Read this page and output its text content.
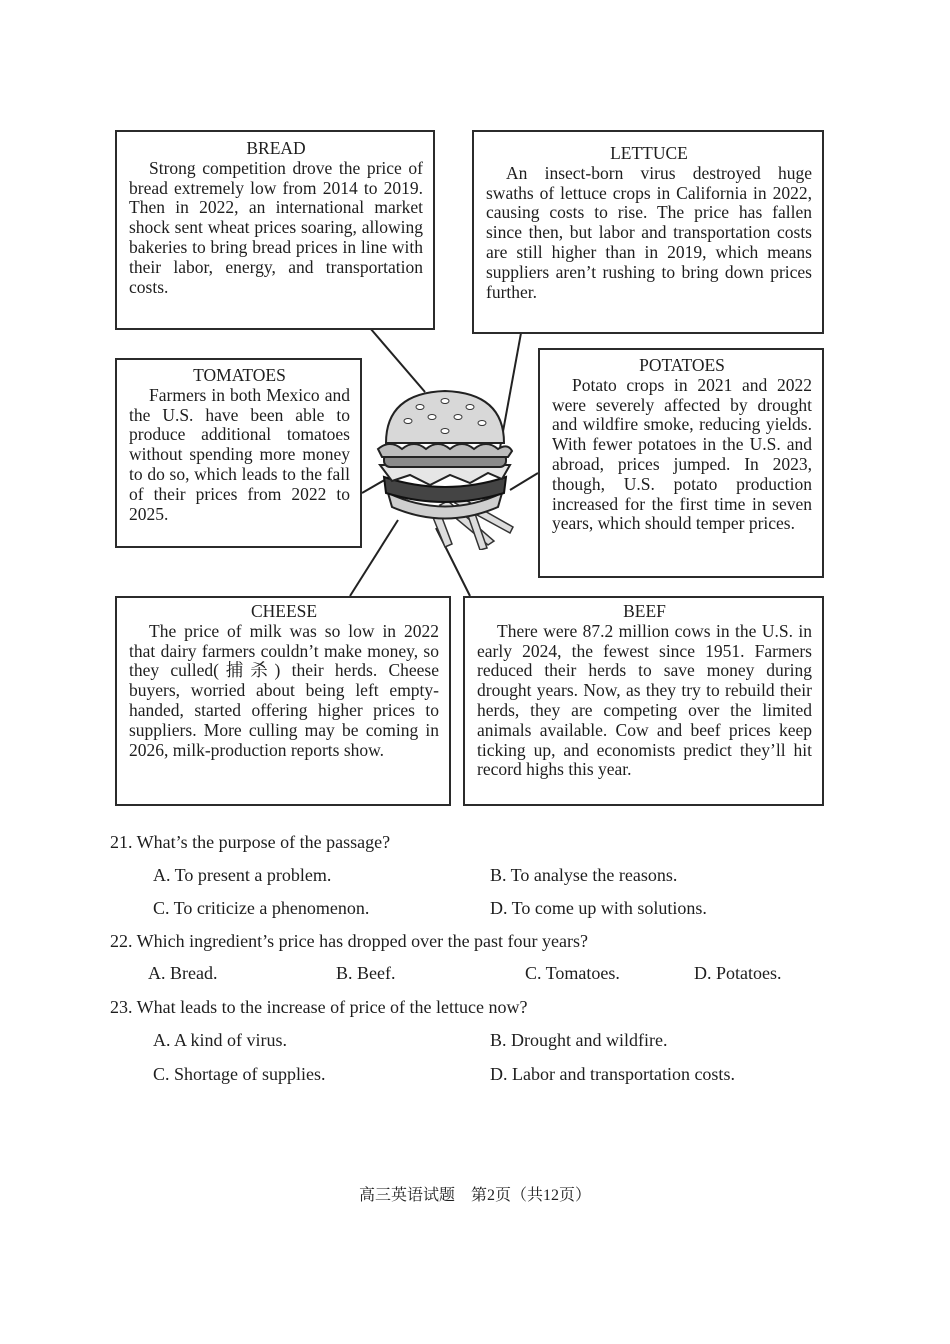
BREAD
Strong competition drove the price of bread extremely low from 2014 to 2019. Then in 2022, an international market shock sent wheat prices soaring, allowing bakeries to bring bread prices in line with their labor, energy, and transportation costs.
LETTUCE
An insect-born virus destroyed huge swaths of lettuce crops in California in 2022, causing costs to rise. The price has fallen since then, but labor and transportation costs are still higher than in 2019, which means suppliers aren’t rushing to bring down prices further.
TOMATOES
Farmers in both Mexico and the U.S. have been able to produce additional tomatoes without spending more money to do so, which leads to the fall of their prices from 2022 to 2025.
POTATOES
Potato crops in 2021 and 2022 were severely affected by drought and wildfire smoke, reducing yields. With fewer potatoes in the U.S. and abroad, prices jumped. In 2023, though, U.S. potato production increased for the first time in seven years, which should temper prices.
CHEESE
The price of milk was so low in 2022 that dairy farmers couldn’t make money, so they culled(捕杀) their herds. Cheese buyers, worried about being left empty-handed, started offering higher prices to suppliers. More culling may be coming in 2026, milk-production reports show.
BEEF
There were 87.2 million cows in the U.S. in early 2024, the fewest since 1951. Farmers reduced their herds to save money during drought years. Now, as they try to rebuild their herds, they are competing over the limited animals available. Cow and beef prices keep ticking up, and economists predict they’ll hit record highs this year.
21. What’s the purpose of the passage?
A. To present a problem.	B. To analyse the reasons.
C. To criticize a phenomenon.	D. To come up with solutions.
22. Which ingredient’s price has dropped over the past four years?
A. Bread.	B. Beef.	C. Tomatoes.	D. Potatoes.
23. What leads to the increase of price of the lettuce now?
A. A kind of virus.	B. Drought and wildfire.
C. Shortage of supplies.	D. Labor and transportation costs.
高三英语试题　第2页（共12页）
